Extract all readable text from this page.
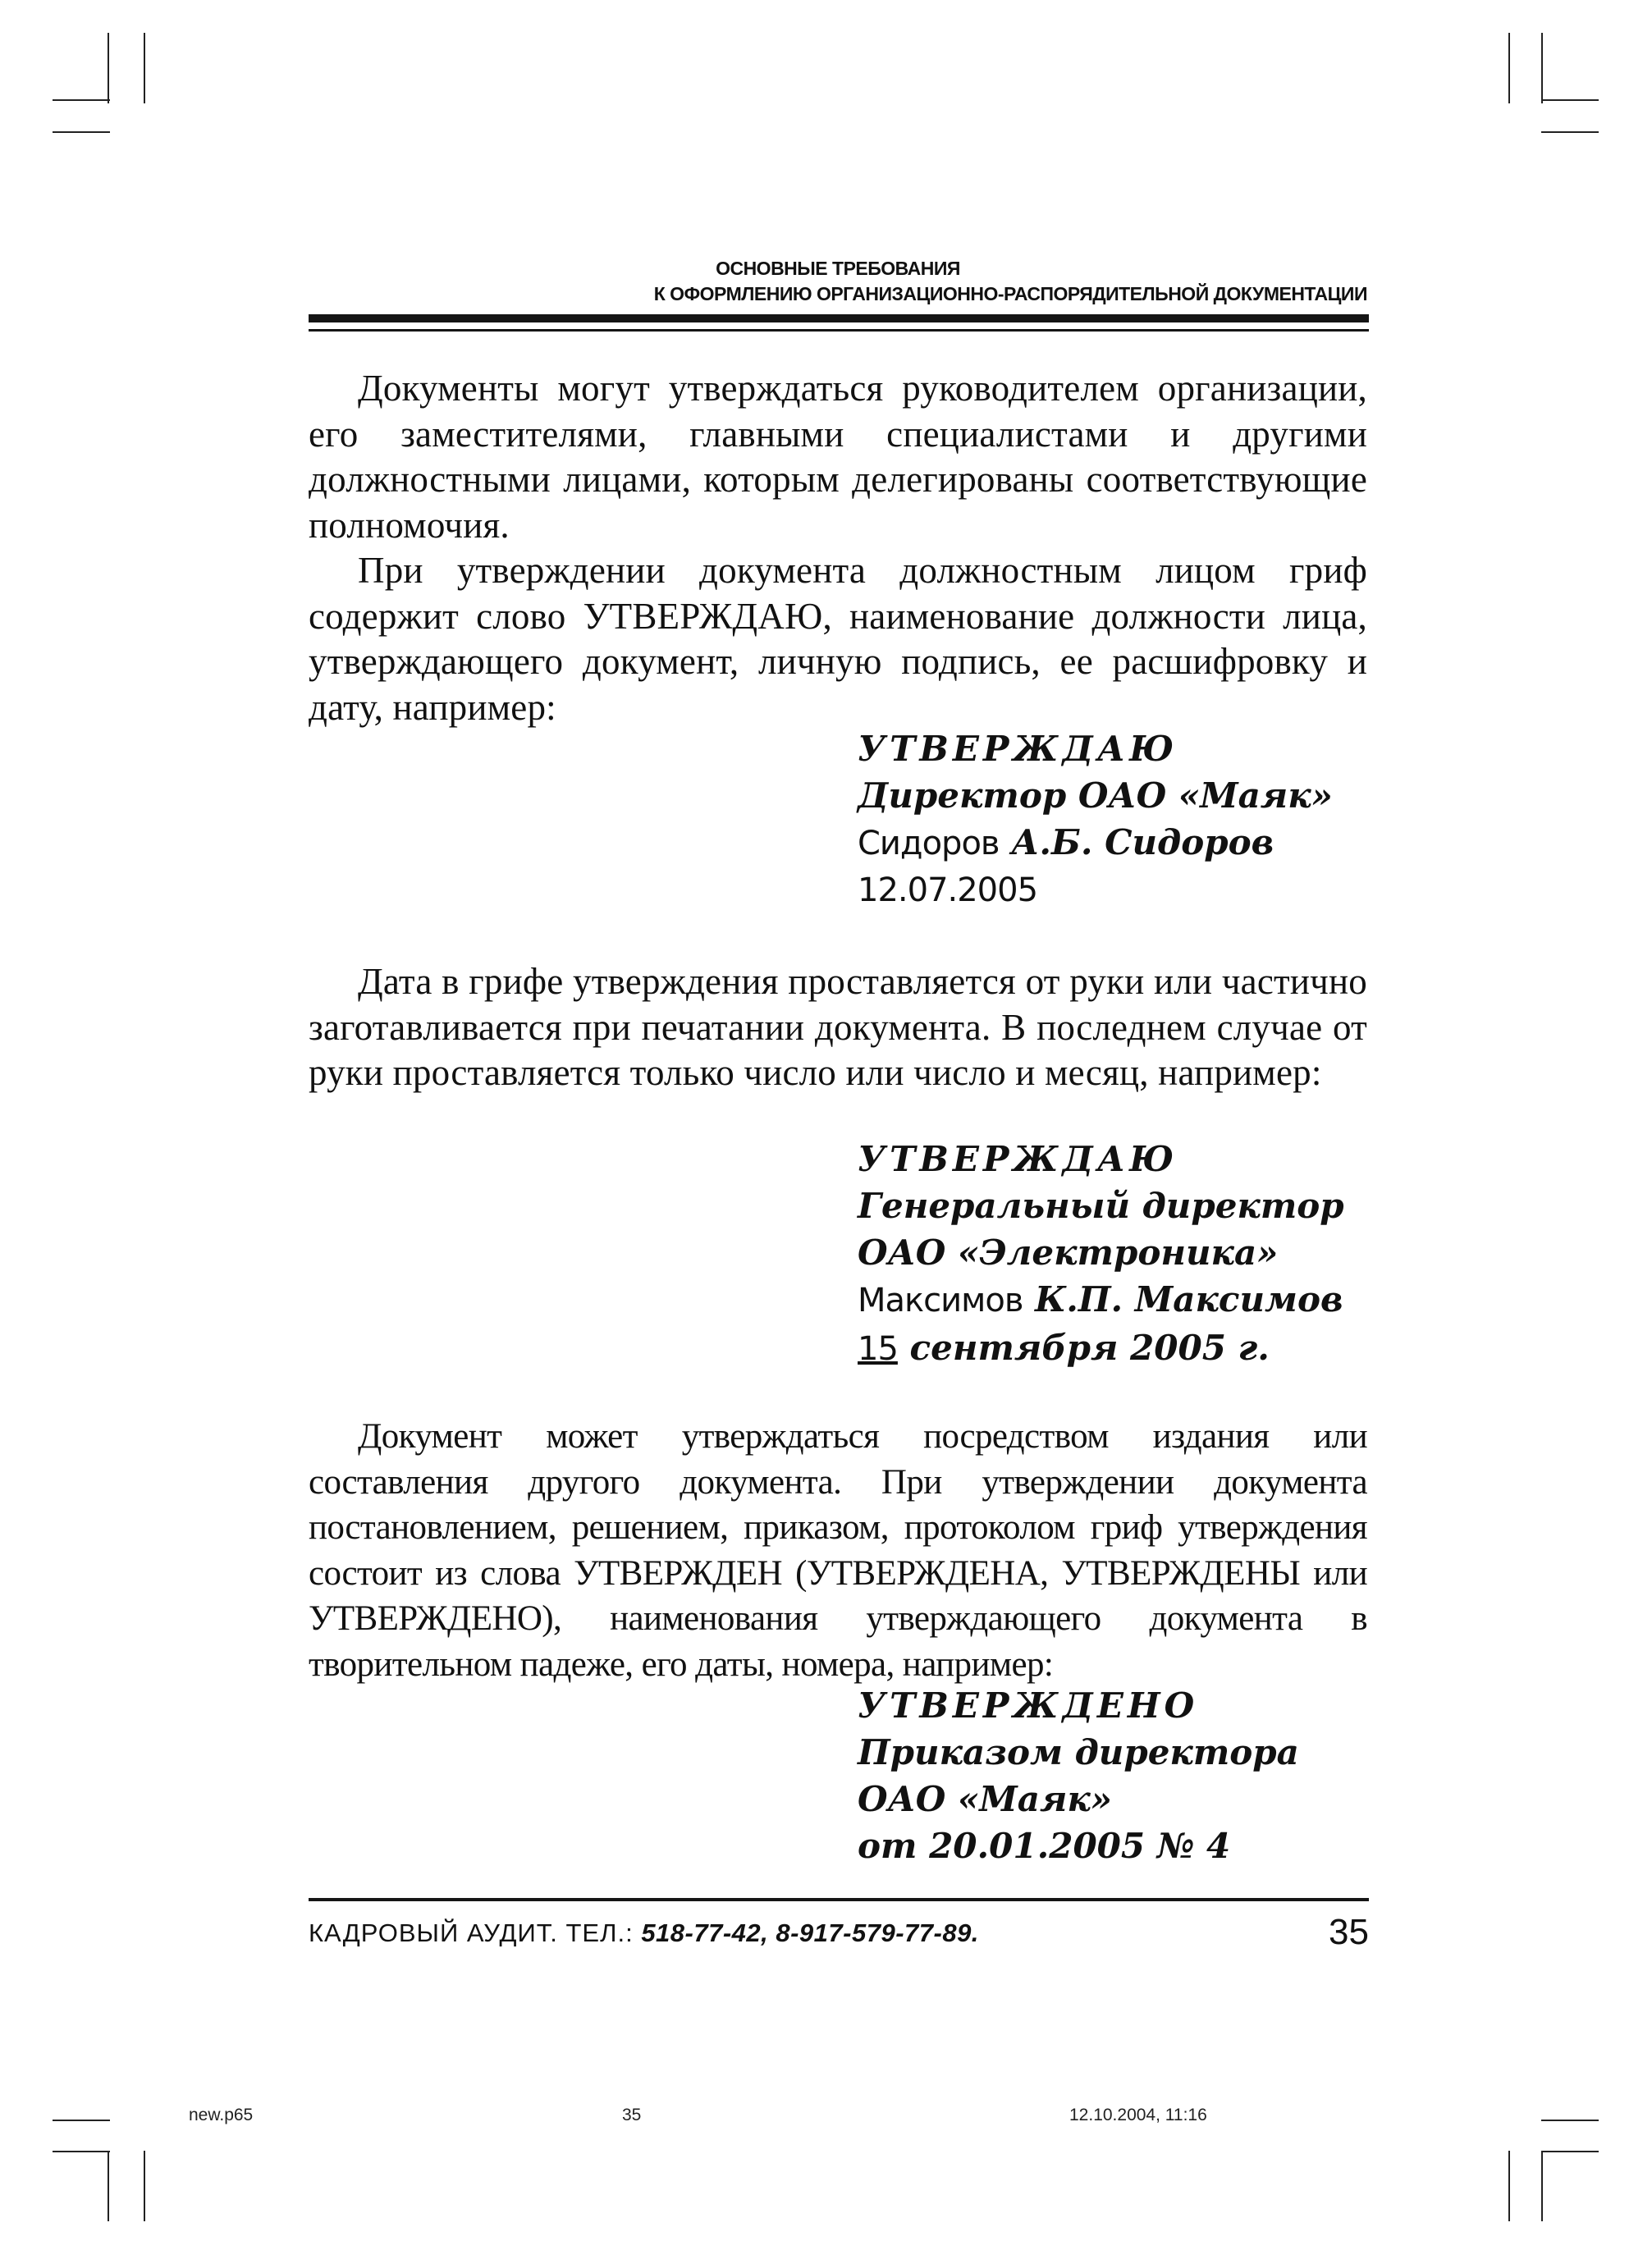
ОСНОВНЫЕ ТРЕБОВАНИЯ
К ОФОРМЛЕНИЮ ОРГАНИЗАЦИОННО-РАСПОРЯДИТЕЛЬНОЙ ДОКУМЕНТАЦИИ

Документы могут утверждаться руководителем организации, его заместителями, главными специалистами и другими должностными лицами, которым делегированы соответствующие полномочия.

При утверждении документа должностным лицом гриф содержит слово УТВЕРЖДАЮ, наименование должности лица, утверждающего документ, личную подпись, ее расшифровку и дату, например:

УТВЕРЖДАЮ
Директор ОАО «Маяк»
Сидоров А.Б. Сидоров
12.07.2005

Дата в грифе утверждения проставляется от руки или частично заготавливается при печатании документа. В последнем случае от руки проставляется только число или число и месяц, например:

УТВЕРЖДАЮ
Генеральный директор
ОАО «Электроника»
Максимов К.П. Максимов
15 сентября 2005 г.

Документ может утверждаться посредством издания или составления другого документа. При утверждении документа постановлением, решением, приказом, протоколом гриф утверждения состоит из слова УТВЕРЖДЕН (УТВЕРЖДЕНА, УТВЕРЖДЕНЫ или УТВЕРЖДЕНО), наименования утверждающего документа в творительном падеже, его даты, номера, например:

УТВЕРЖДЕНО
Приказом директора
ОАО «Маяк»
от 20.01.2005 № 4
КАДРОВЫЙ АУДИТ. ТЕЛ.: 518-77-42, 8-917-579-77-89.	35
new.p65	35	12.10.2004, 11:16
